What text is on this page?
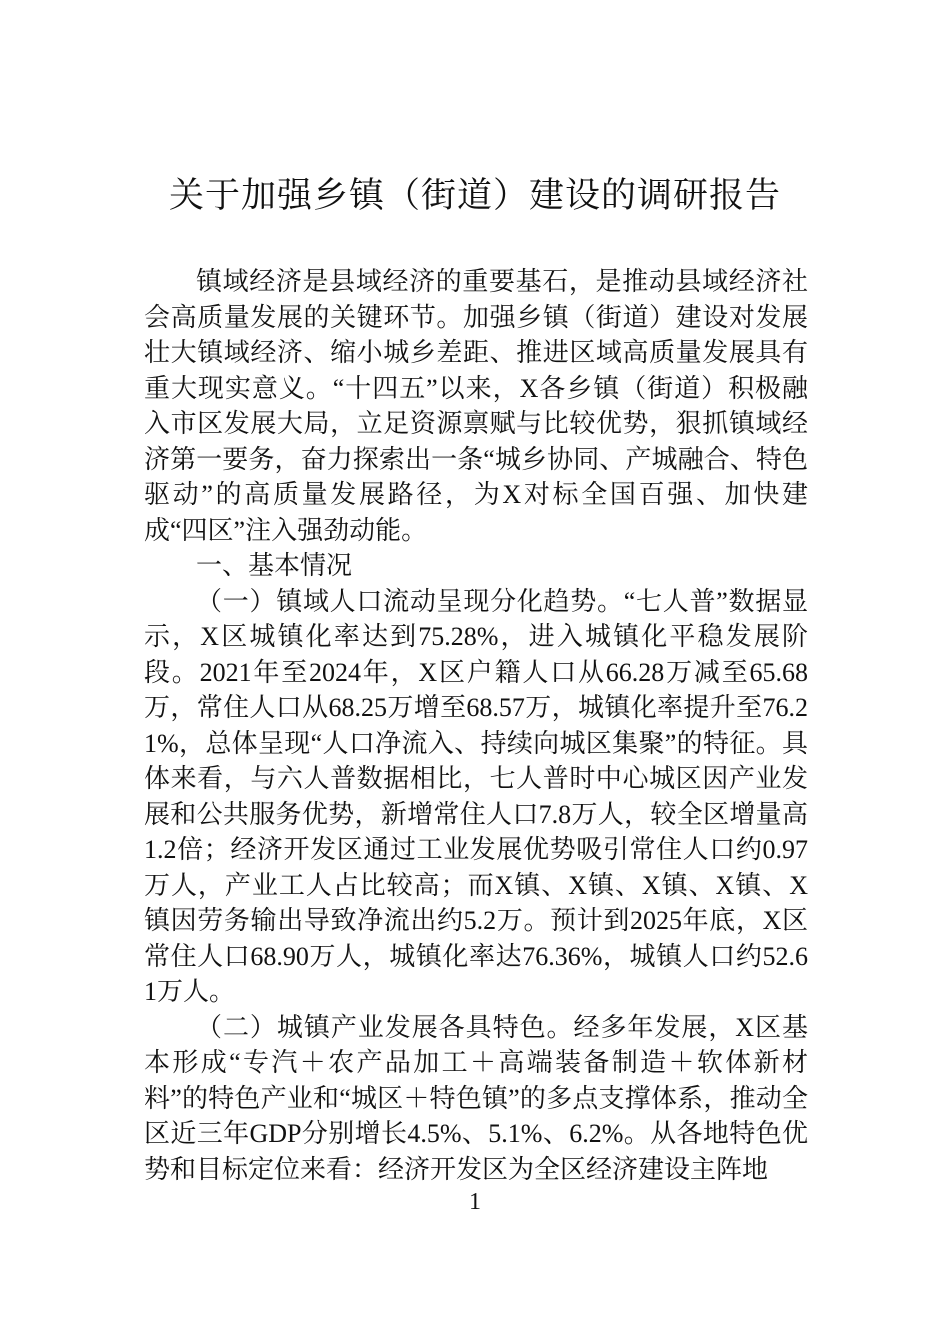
关于加强乡镇（街道）建设的调研报告

镇域经济是县域经济的重要基石，是推动县域经济社会高质量发展的关键环节。加强乡镇（街道）建设对发展壮大镇域经济、缩小城乡差距、推进区域高质量发展具有重大现实意义。“十四五”以来，X各乡镇（街道）积极融入市区发展大局，立足资源禀赋与比较优势，狠抓镇域经济第一要务，奋力探索出一条“城乡协同、产城融合、特色驱动”的高质量发展路径，为X对标全国百强、加快建成“四区”注入强劲动能。

一、基本情况

（一）镇域人口流动呈现分化趋势。“七人普”数据显示，X区城镇化率达到75.28%，进入城镇化平稳发展阶段。2021年至2024年，X区户籍人口从66.28万减至65.68万，常住人口从68.25万增至68.57万，城镇化率提升至76.21%，总体呈现“人口净流入、持续向城区集聚”的特征。具体来看，与六人普数据相比，七人普时中心城区因产业发展和公共服务优势，新增常住人口7.8万人，较全区增量高1.2倍；经济开发区通过工业发展优势吸引常住人口约0.97万人，产业工人占比较高；而X镇、X镇、X镇、X镇、X镇因劳务输出导致净流出约5.2万。预计到2025年底，X区常住人口68.90万人，城镇化率达76.36%，城镇人口约52.61万人。

（二）城镇产业发展各具特色。经多年发展，X区基本形成“专汽＋农产品加工＋高端装备制造＋软体新材料”的特色产业和“城区＋特色镇”的多点支撑体系，推动全区近三年GDP分别增长4.5%、5.1%、6.2%。从各地特色优势和目标定位来看：经济开发区为全区经济建设主阵地

1
